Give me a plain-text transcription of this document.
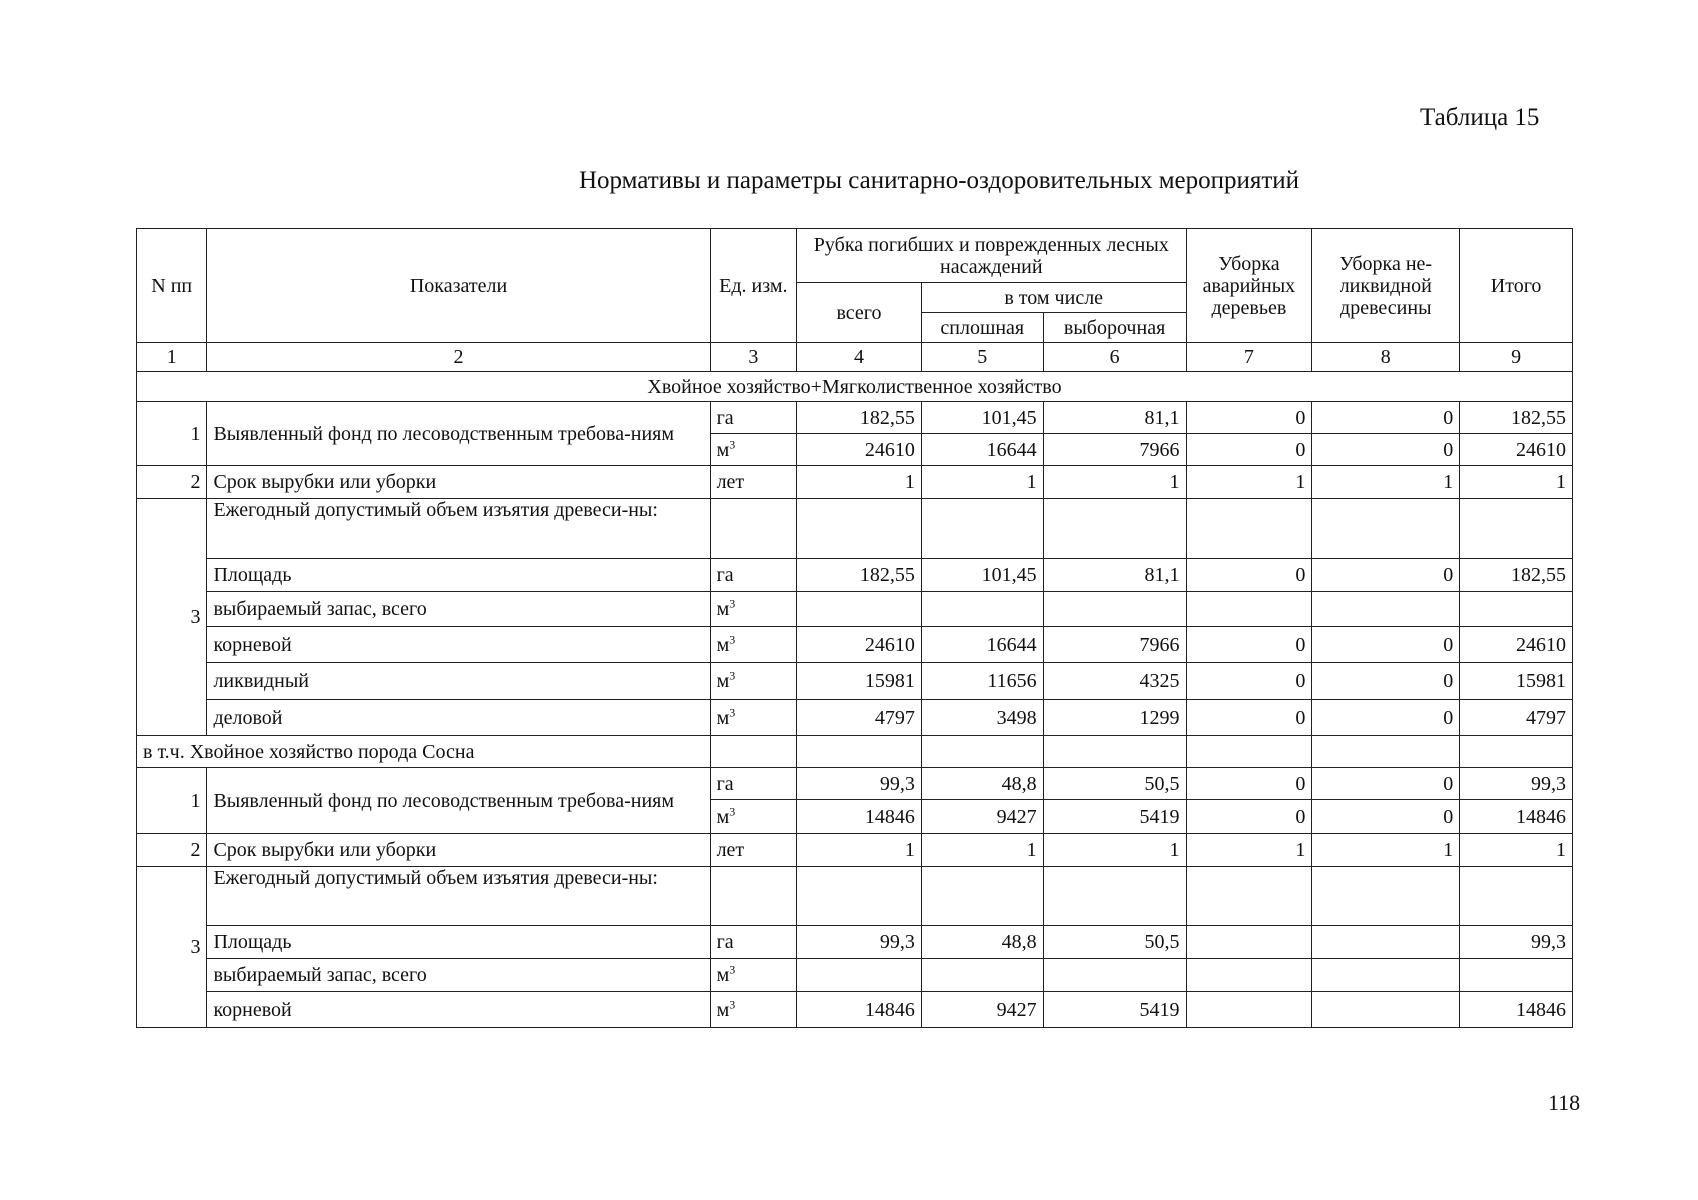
Таблица 15
Нормативы и параметры санитарно-оздоровительных мероприятий
N пп	Показатели	Ед. изм.	Рубка погибших и поврежденных лесных насаждений			Уборка аварийных деревьев	Уборка не-ликвидной древесины	Итого
			всего	в том числе				
				сплошная	выборочная			
1	2	3	4	5	6	7	8	9
Хвойное хозяйство+Мягколиственное хозяйство								
1	Выявленный фонд по лесоводственным требова-ниям	га	182,55	101,45	81,1	0	0	182,55
		$м^3$	24610	16644	7966	0	0	24610
2	Срок вырубки или уборки	лет	1	1	1	1	1	1
3	Ежегодный допустимый объем изъятия древеси-ны:							
	Площадь	га	182,55	101,45	81,1	0	0	182,55
	выбираемый запас, всего	$м^3$						
	корневой	$м^3$	24610	16644	7966	0	0	24610
	ликвидный	$м^3$	15981	11656	4325	0	0	15981
	деловой	$м^3$	4797	3498	1299	0	0	4797
в т.ч. Хвойное хозяйство порода Сосна								
1	Выявленный фонд по лесоводственным требова-ниям	га	99,3	48,8	50,5	0	0	99,3
		$м^3$	14846	9427	5419	0	0	14846
2	Срок вырубки или уборки	лет	1	1	1	1	1	1
3	Ежегодный допустимый объем изъятия древеси-ны:							
	Площадь	га	99,3	48,8	50,5			99,3
	выбираемый запас, всего	$м^3$						
	корневой	$м^3$	14846	9427	5419			14846
118
